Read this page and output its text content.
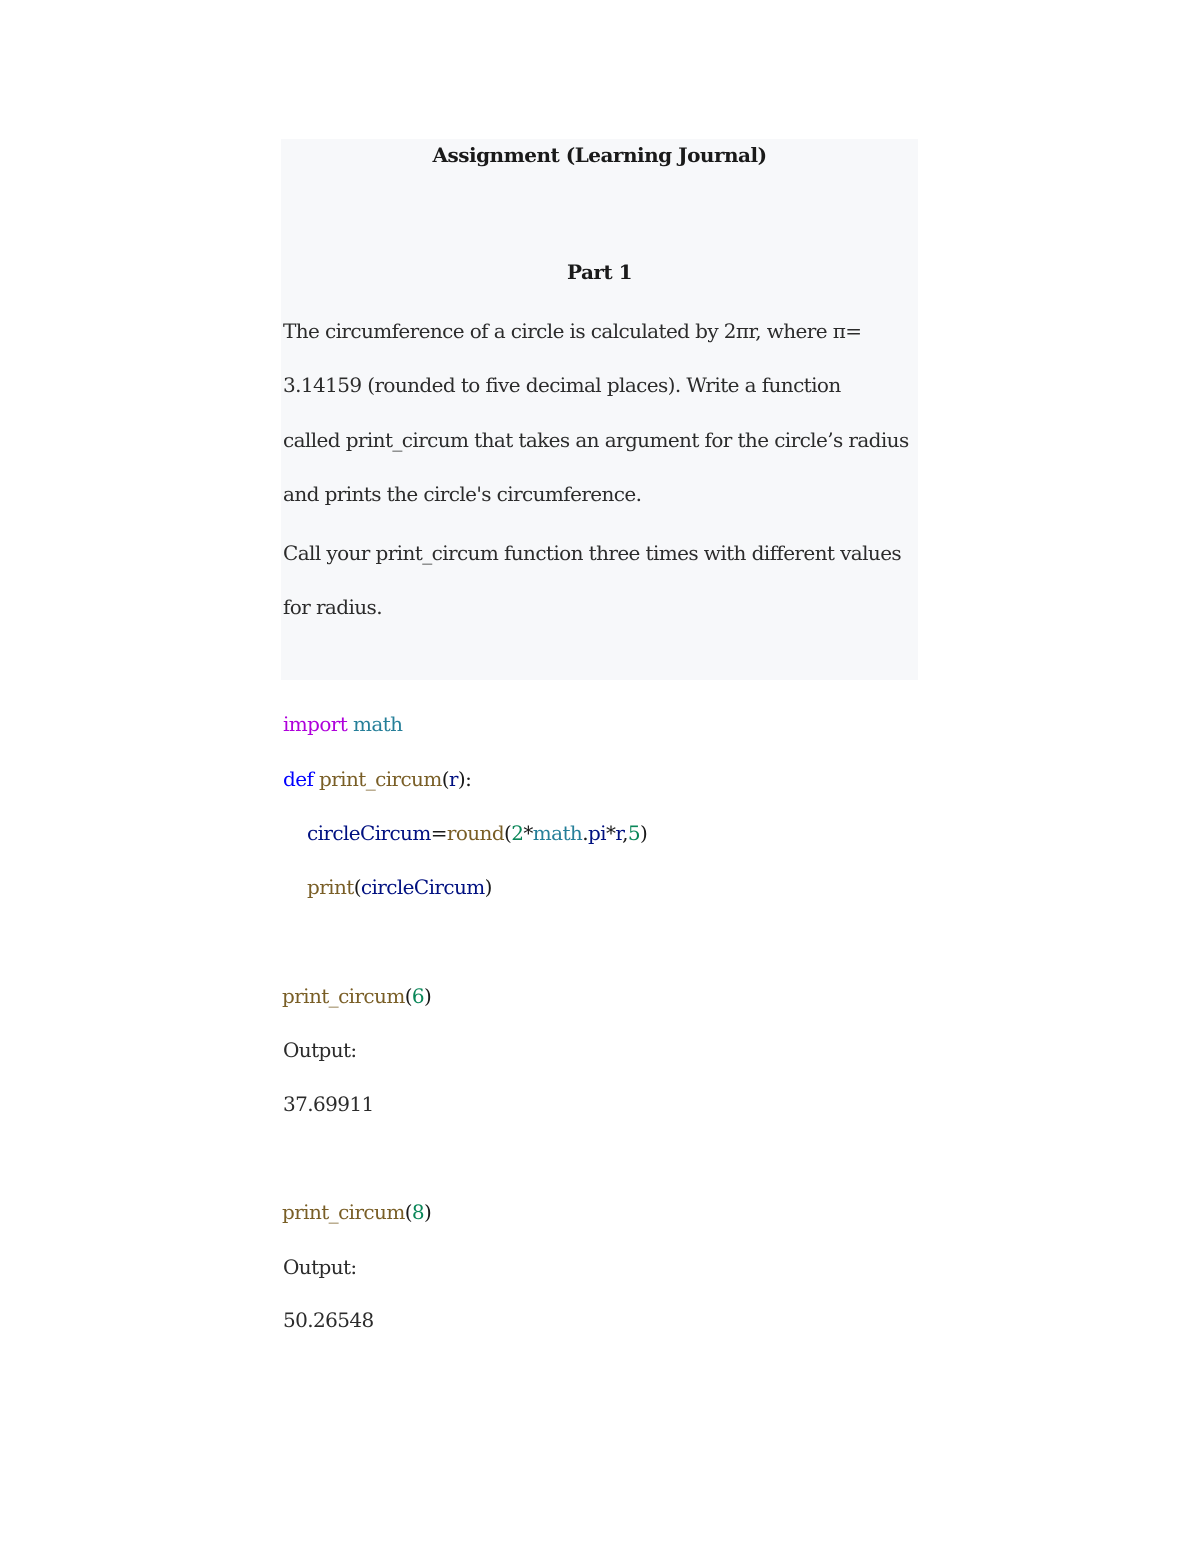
Assignment (Learning Journal)
Part 1
The circumference of a circle is calculated by 2πr, where π=
3.14159 (rounded to five decimal places). Write a function
called print_circum that takes an argument for the circle’s radius
and prints the circle's circumference.
Call your print_circum function three times with different values
for radius.
import math
def print_circum(r):
circleCircum=round(2*math.pi*r,5)
print(circleCircum)
print_circum(6)
Output:
37.69911
print_circum(8)
Output:
50.26548
